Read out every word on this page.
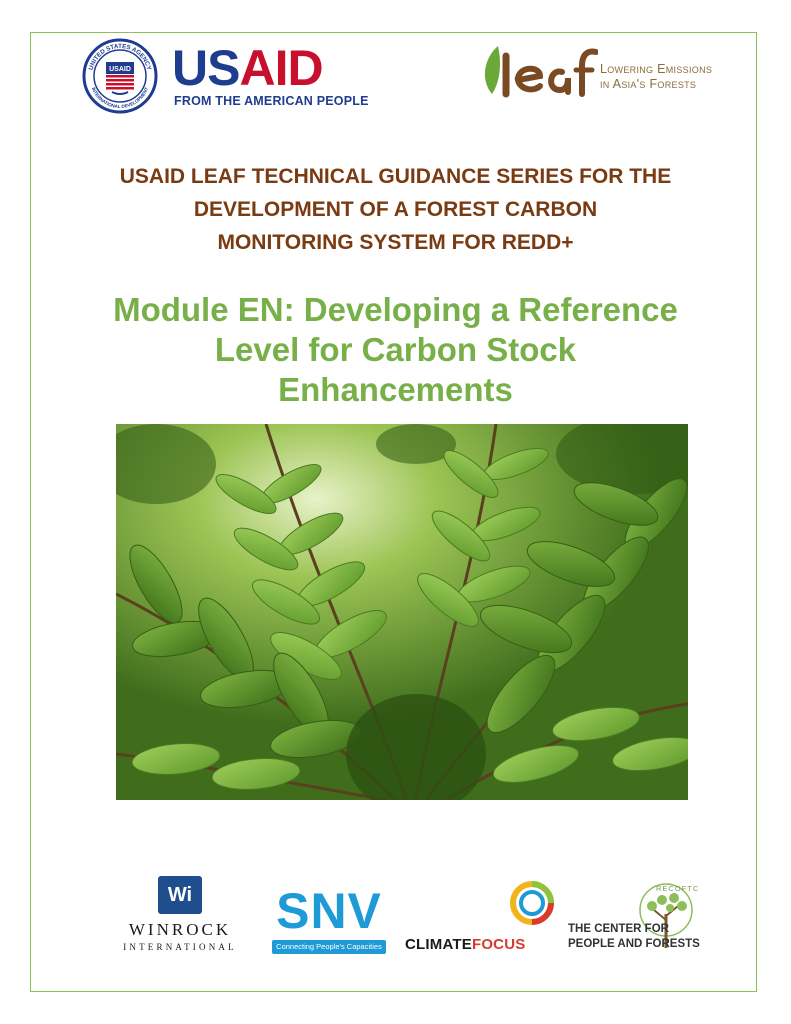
UNITED STATES AGENCY
INTERNATIONAL DEVELOPMENT
USAID USAID
FROM THE AMERICAN PEOPLE
Lowering Emissions
in Asia's Forests
USAID LEAF TECHNICAL GUIDANCE SERIES FOR THE
DEVELOPMENT OF A FOREST CARBON
MONITORING SYSTEM FOR REDD+
Module EN: Developing a Reference
Level for Carbon Stock
Enhancements
Wi
WINROCK
INTERNATIONAL
SNV
Connecting People's Capacities CLIMATEFOCUS
RECOFTC
THE CENTER FOR
PEOPLE AND FORESTS
